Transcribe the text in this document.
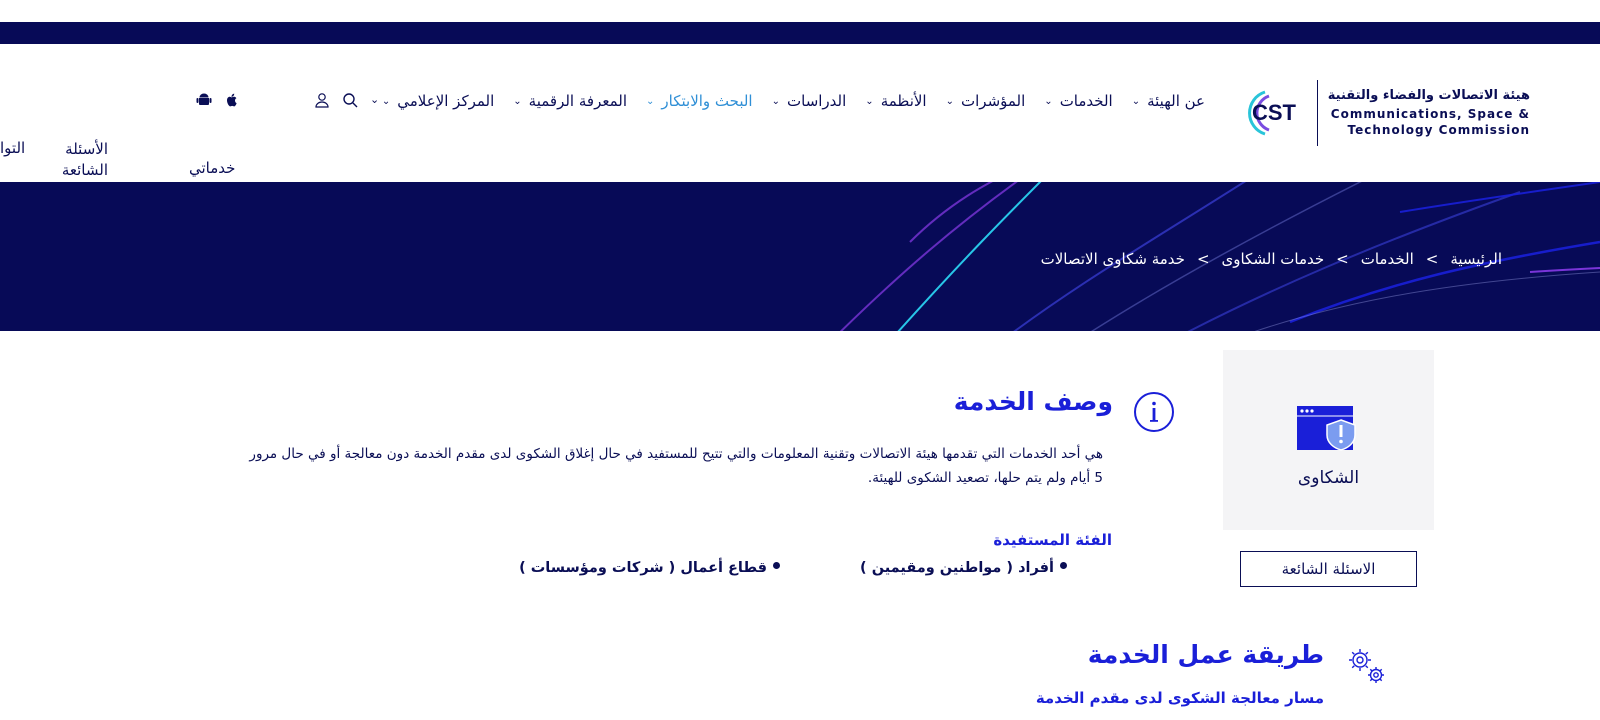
CST
هيئة الاتصالات والفضاء والتقنية
Communications, Space &
Technology Commission
عن الهيئة
⌄
الخدمات
⌄
المؤشرات
⌄
الأنظمة
⌄
الدراسات
⌄
البحث والابتكار
⌄
المعرفة الرقمية
⌄
المركز الإعلامي
⌄
⌄
خدماتي
الأسئلة الشائعة
التوا
الرئيسية
>
الخدمات
>
خدمات الشكاوى
>
خدمة شكاوى الاتصالات
الشكاوى
الاسئلة الشائعة
وصف الخدمة
هي أحد الخدمات التي تقدمها هيئة الاتصالات وتقنية المعلومات والتي تتيح للمستفيد في حال إغلاق الشكوى لدى مقدم الخدمة دون معالجة أو في حال مرور 5 أيام ولم يتم حلها، تصعيد الشكوى للهيئة.
الفئة المستفيدة
أفراد ( مواطنين ومقيمين )
قطاع أعمال ( شركات ومؤسسات )
طريقة عمل الخدمة
مسار معالجة الشكوى لدى مقدم الخدمة
